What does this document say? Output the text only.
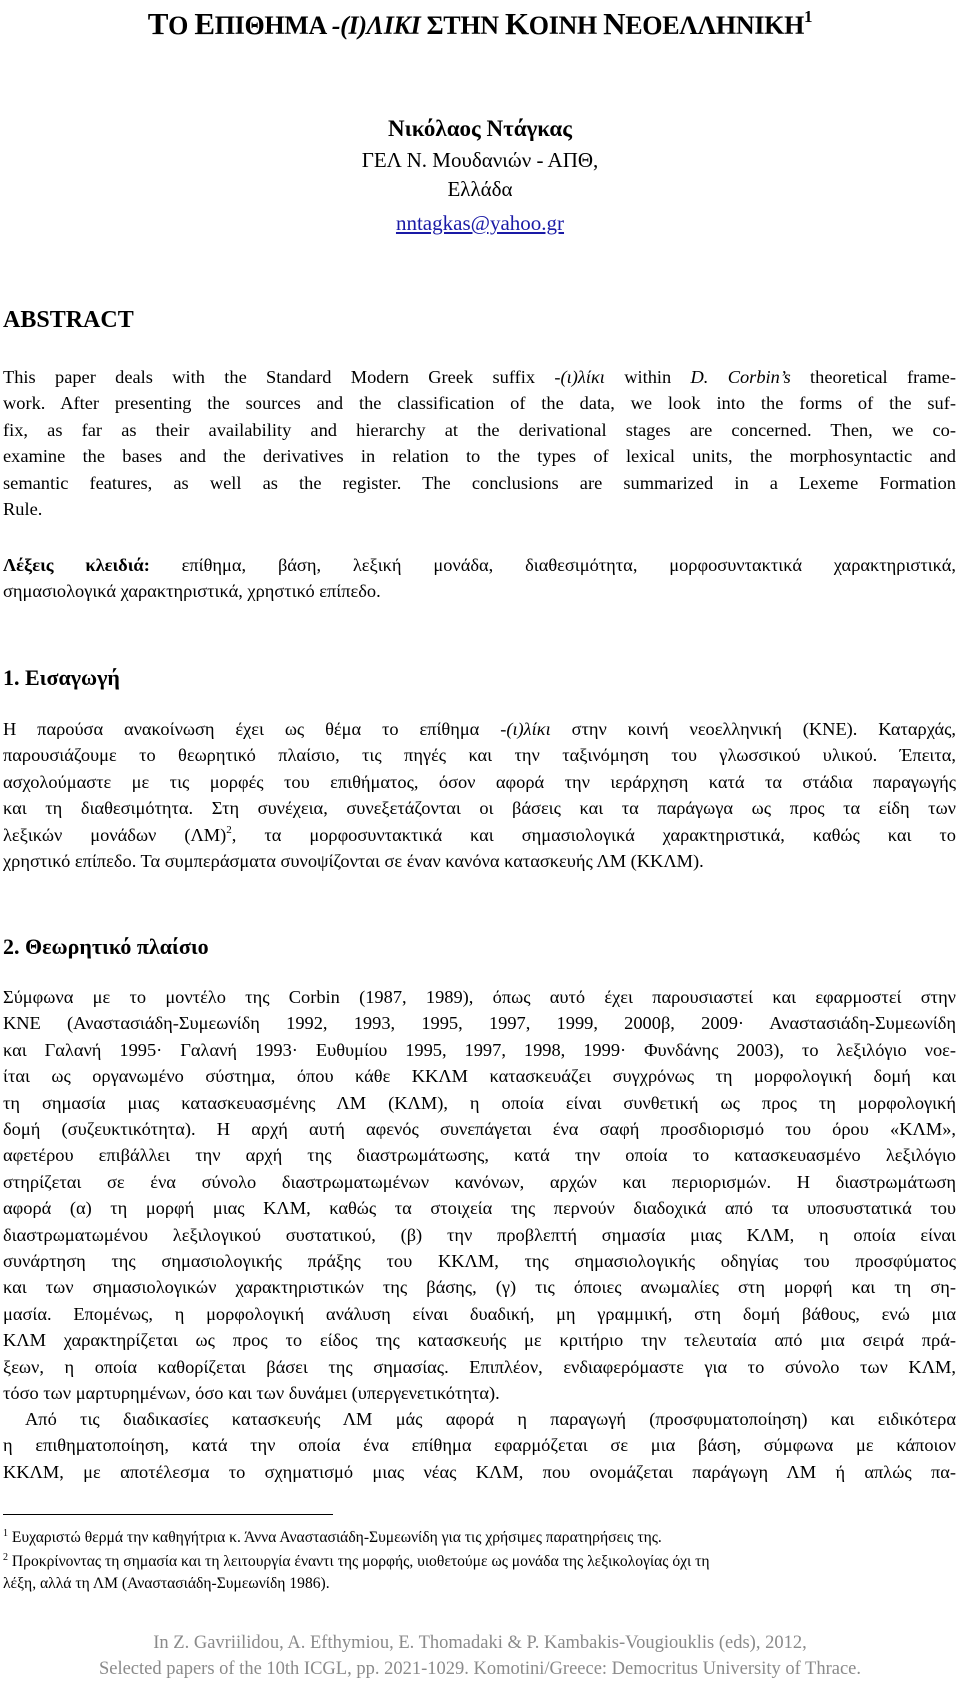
ΤΟ ΕΠΙΘΗΜΑ -(Ι)ΛΙΚΙ ΣΤΗΝ ΚΟΙΝΗ ΝΕΟΕΛΛΗΝΙΚΗ$^1$
Νικόλαος Ντάγκας
ΓΕΛ Ν. Μουδανιών - ΑΠΘ,
Ελλάδα
nntagkas@yahoo.gr
ABSTRACT
This paper deals with the Standard Modern Greek suffix -(ι)λίκι within D. Corbin’s theoretical frame-
work. After presenting the sources and the classification of the data, we look into the forms of the suf-
fix, as far as their availability and hierarchy at the derivational stages are concerned. Then, we co-
examine the bases and the derivatives in relation to the types of lexical units, the morphosyntactic and
semantic features, as well as the register. The conclusions are summarized in a Lexeme Formation
Rule.
Λέξεις κλειδιά: επίθημα, βάση, λεξική μονάδα, διαθεσιμότητα, μορφοσυντακτικά χαρακτηριστικά,
σημασιολογικά χαρακτηριστικά, χρηστικό επίπεδο.
1. Εισαγωγή
Η παρούσα ανακοίνωση έχει ως θέμα το επίθημα -(ι)λίκι στην κοινή νεοελληνική (ΚΝΕ). Καταρχάς,
παρουσιάζουμε το θεωρητικό πλαίσιο, τις πηγές και την ταξινόμηση του γλωσσικού υλικού. Έπειτα,
ασχολούμαστε με τις μορφές του επιθήματος, όσον αφορά την ιεράρχηση κατά τα στάδια παραγωγής
και τη διαθεσιμότητα. Στη συνέχεια, συνεξετάζονται οι βάσεις και τα παράγωγα ως προς τα είδη των
λεξικών μονάδων $(\Lambda M)^2$, τα μορφοσυντακτικά και σημασιολογικά χαρακτηριστικά, καθώς και το
χρηστικό επίπεδο. Τα συμπεράσματα συνοψίζονται σε έναν κανόνα κατασκευής ΛΜ (ΚΚΛΜ).
2. Θεωρητικό πλαίσιο
Σύμφωνα με το μοντέλο της Corbin (1987, 1989), όπως αυτό έχει παρουσιαστεί και εφαρμοστεί στην
ΚΝΕ (Αναστασιάδη-Συμεωνίδη 1992, 1993, 1995, 1997, 1999, 2000β, 2009· Αναστασιάδη-Συμεωνίδη
και Γαλανή 1995· Γαλανή 1993· Ευθυμίου 1995, 1997, 1998, 1999· Φυνδάνης 2003), το λεξιλόγιο νοε-
ίται ως οργανωμένο σύστημα, όπου κάθε ΚΚΛΜ κατασκευάζει συγχρόνως τη μορφολογική δομή και
τη σημασία μιας κατασκευασμένης ΛΜ (ΚΛΜ), η οποία είναι συνθετική ως προς τη μορφολογική
δομή (συζευκτικότητα). Η αρχή αυτή αφενός συνεπάγεται ένα σαφή προσδιορισμό του όρου «ΚΛΜ»,
αφετέρου επιβάλλει την αρχή της διαστρωμάτωσης, κατά την οποία το κατασκευασμένο λεξιλόγιο
στηρίζεται σε ένα σύνολο διαστρωματωμένων κανόνων, αρχών και περιορισμών. Η διαστρωμάτωση
αφορά (α) τη μορφή μιας ΚΛΜ, καθώς τα στοιχεία της περνούν διαδοχικά από τα υποσυστατικά του
διαστρωματωμένου λεξιλογικού συστατικού, (β) την προβλεπτή σημασία μιας ΚΛΜ, η οποία είναι
συνάρτηση της σημασιολογικής πράξης του ΚΚΛΜ, της σημασιολογικής οδηγίας του προσφύματος
και των σημασιολογικών χαρακτηριστικών της βάσης, (γ) τις όποιες ανωμαλίες στη μορφή και τη ση-
μασία. Επομένως, η μορφολογική ανάλυση είναι δυαδική, μη γραμμική, στη δομή βάθους, ενώ μια
ΚΛΜ χαρακτηρίζεται ως προς το είδος της κατασκευής με κριτήριο την τελευταία από μια σειρά πρά-
ξεων, η οποία καθορίζεται βάσει της σημασίας. Επιπλέον, ενδιαφερόμαστε για το σύνολο των ΚΛΜ,
τόσο των μαρτυρημένων, όσο και των δυνάμει (υπεργενετικότητα).
Από τις διαδικασίες κατασκευής ΛΜ μάς αφορά η παραγωγή (προσφυματοποίηση) και ειδικότερα
η επιθηματοποίηση, κατά την οποία ένα επίθημα εφαρμόζεται σε μια βάση, σύμφωνα με κάποιον
ΚΚΛΜ, με αποτέλεσμα το σχηματισμό μιας νέας ΚΛΜ, που ονομάζεται παράγωγη ΛΜ ή απλώς πα-
$^1$ Ευχαριστώ θερμά την καθηγήτρια κ. Άννα Αναστασιάδη-Συμεωνίδη για τις χρήσιμες παρατηρήσεις της.
$^2$ Προκρίνοντας τη σημασία και τη λειτουργία έναντι της μορφής, υιοθετούμε ως μονάδα της λεξικολογίας όχι τη
λέξη, αλλά τη ΛΜ (Αναστασιάδη-Συμεωνίδη 1986).
In Z. Gavriilidou, A. Efthymiou, E. Thomadaki & P. Kambakis-Vougiouklis (eds), 2012,
Selected papers of the 10th ICGL, pp. 2021-1029. Komotini/Greece: Democritus University of Thrace.
